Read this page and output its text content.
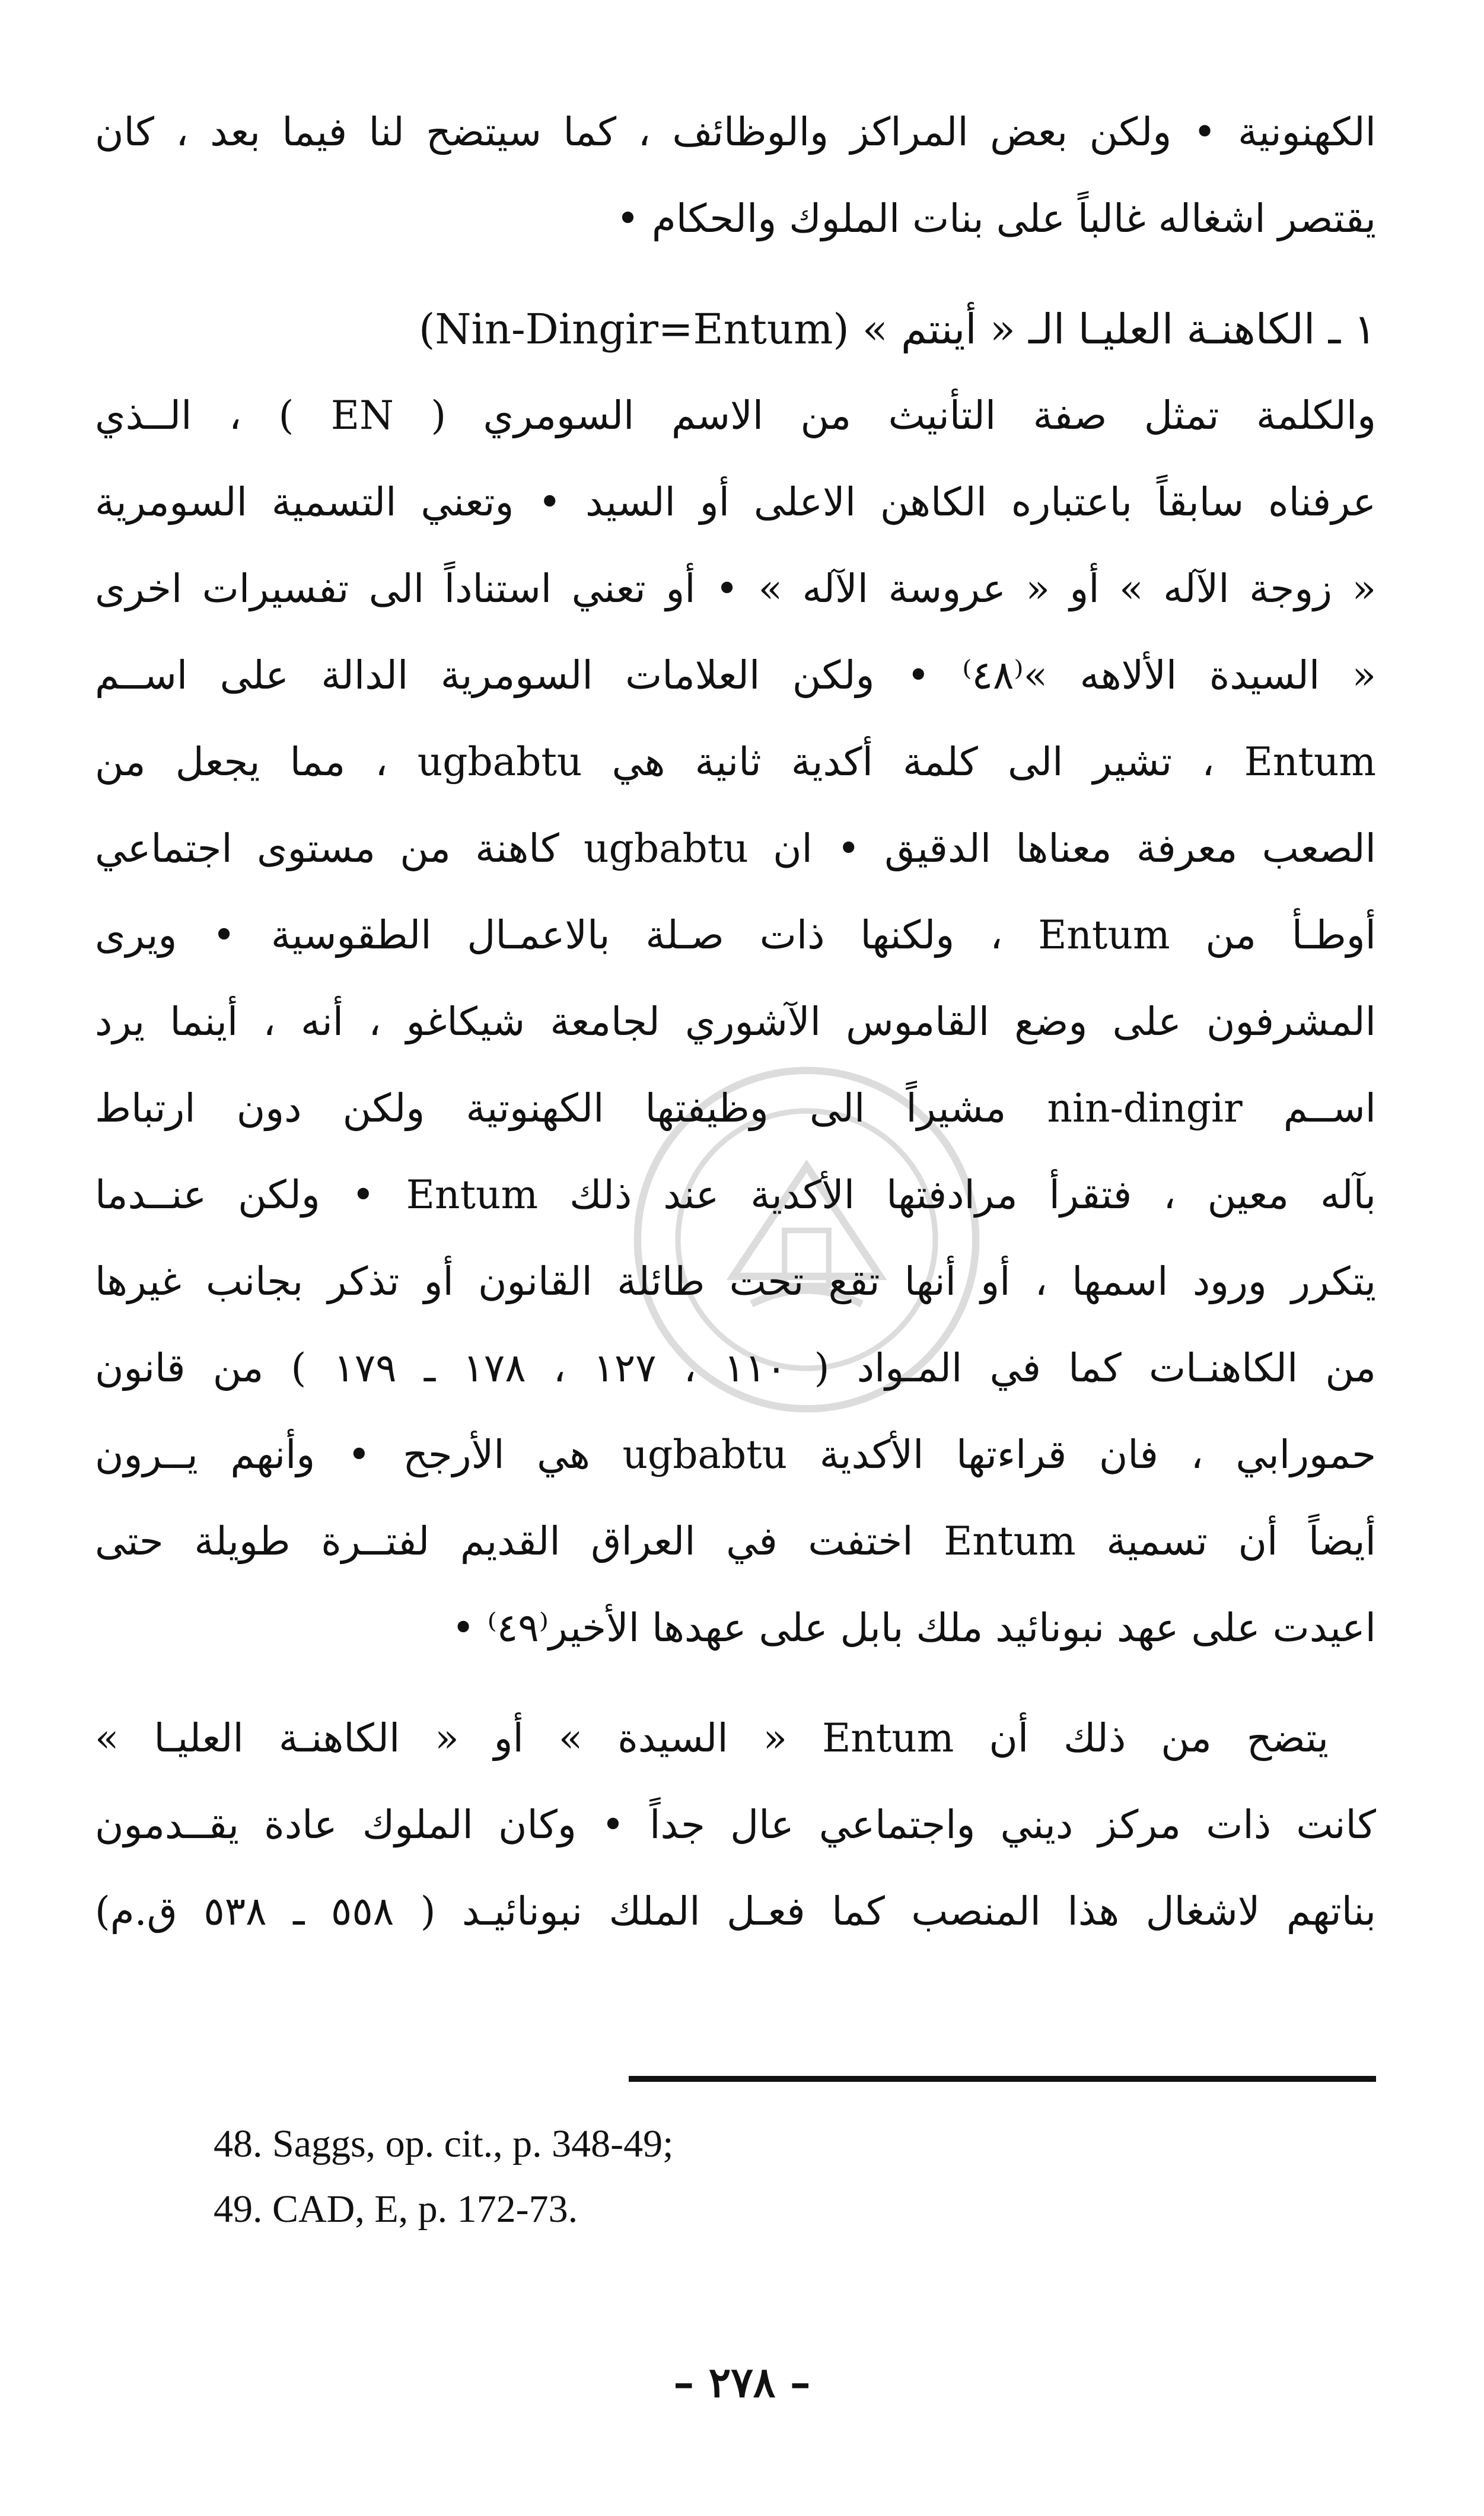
الكهنونية • ولكن بعض المراكز والوظائف ، كما سيتضح لنا فيما بعد ، كان
يقتصر اشغاله غالباً على بنات الملوك والحكام •
١ ـ الكاهنـة العليـا الـ « أينتم » (Nin-Dingir=Entum)
والكلمة تمثل صفة التأنيث من الاسم السومري ( EN ) ، الــذي
عرفناه سابقاً باعتباره الكاهن الاعلى أو السيد • وتعني التسمية السومرية
« زوجة الآله » أو « عروسة الآله » • أو تعني استناداً الى تفسيرات اخرى
« السيدة الألاهه »⁽٤٨⁾ • ولكن العلامات السومرية الدالة على اســم
Entum ، تشير الى كلمة أكدية ثانية هي ugbabtu ، مما يجعل من
الصعب معرفة معناها الدقيق • ان ugbabtu كاهنة من مستوى اجتماعي
أوطـأ من Entum ، ولكنها ذات صـلة بالاعمـال الطقوسية • ويرى
المشرفون على وضع القاموس الآشوري لجامعة شيكاغو ، أنه ، أينما يرد
اســم nin-dingir مشيراً الى وظيفتها الكهنوتية ولكن دون ارتباط
بآله معين ، فتقرأ مرادفتها الأكدية عند ذلك Entum • ولكن عنــدما
يتكرر ورود اسمها ، أو أنها تقع تحت طائلة القانون أو تذكر بجانب غيرها
من الكاهنـات كما في المـواد ( ١١٠ ، ١٢٧ ، ١٧٨ ـ ١٧٩ ) من قانون
حمورابي ، فان قراءتها الأكدية ugbabtu هي الأرجح • وأنهم يــرون
أيضاً أن تسمية Entum اختفت في العراق القديم لفتــرة طويلة حتى
اعيدت على عهد نبونائيد ملك بابل على عهدها الأخير⁽٤٩⁾ •
يتضح من ذلك أن Entum « السيدة » أو « الكاهنـة العليـا »
كانت ذات مركز ديني واجتماعي عال جداً • وكان الملوك عادة يقــدمون
بناتهم لاشغال هذا المنصب كما فعـل الملك نبونائيـد ( ٥٥٨ ـ ٥٣٨ ق.م)
48. Saggs, op. cit., p. 348-49;
49. CAD, E, p. 172-73.
– ٢٧٨ –
